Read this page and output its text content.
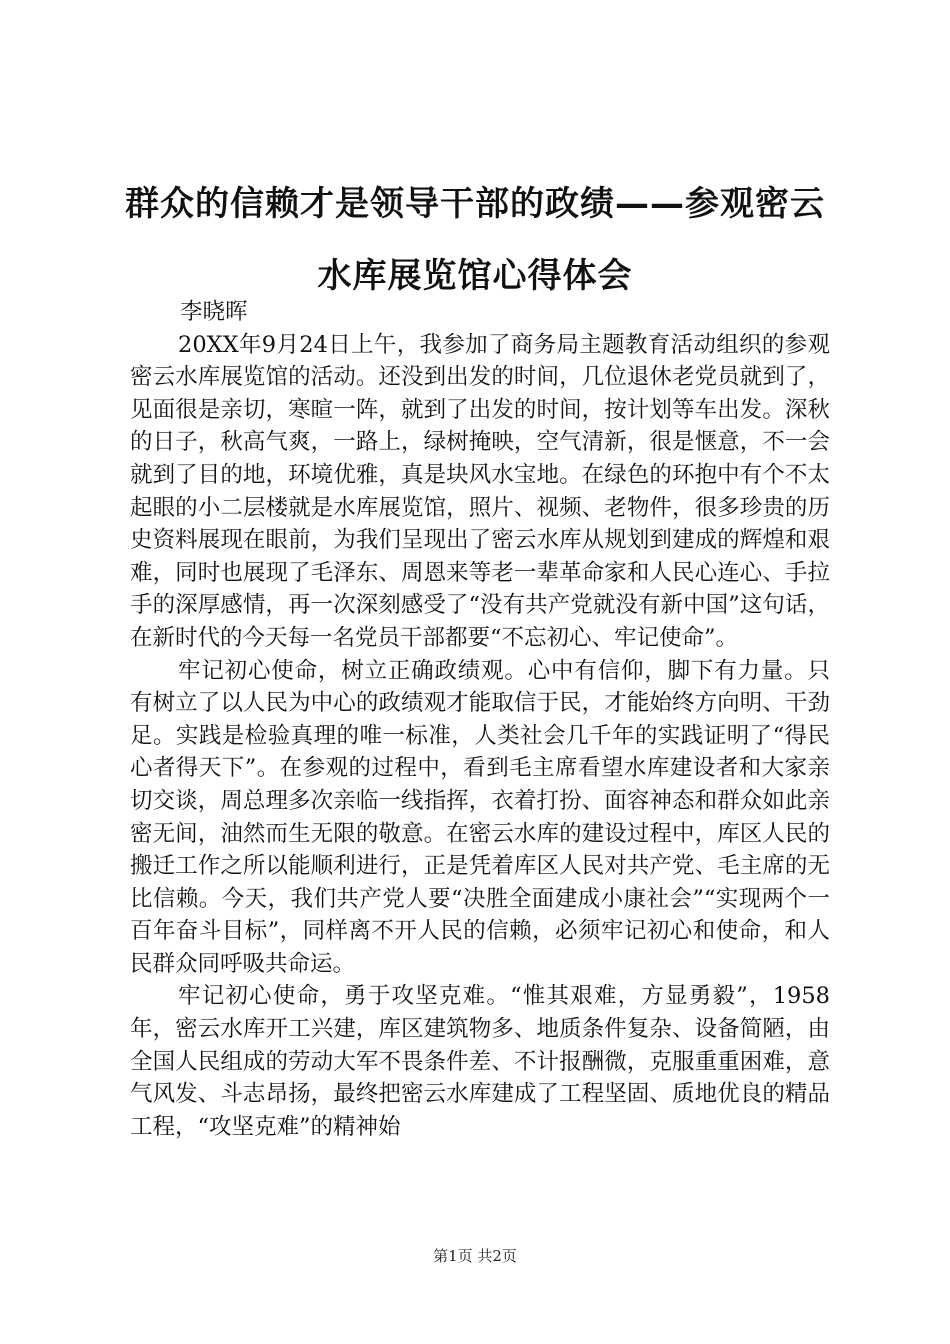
群众的信赖才是领导干部的政绩——参观密云水库展览馆心得体会

李晓晖

20XX年9月24日上午，我参加了商务局主题教育活动组织的参观密云水库展览馆的活动。还没到出发的时间，几位退休老党员就到了，见面很是亲切，寒暄一阵，就到了出发的时间，按计划等车出发。深秋的日子，秋高气爽，一路上，绿树掩映，空气清新，很是惬意，不一会就到了目的地，环境优雅，真是块风水宝地。在绿色的环抱中有个不太起眼的小二层楼就是水库展览馆，照片、视频、老物件，很多珍贵的历史资料展现在眼前，为我们呈现出了密云水库从规划到建成的辉煌和艰难，同时也展现了毛泽东、周恩来等老一辈革命家和人民心连心、手拉手的深厚感情，再一次深刻感受了“没有共产党就没有新中国”这句话，在新时代的今天每一名党员干部都要“不忘初心、牢记使命”。

牢记初心使命，树立正确政绩观。心中有信仰，脚下有力量。只有树立了以人民为中心的政绩观才能取信于民，才能始终方向明、干劲足。实践是检验真理的唯一标准，人类社会几千年的实践证明了“得民心者得天下”。在参观的过程中，看到毛主席看望水库建设者和大家亲切交谈，周总理多次亲临一线指挥，衣着打扮、面容神态和群众如此亲密无间，油然而生无限的敬意。在密云水库的建设过程中，库区人民的搬迁工作之所以能顺利进行，正是凭着库区人民对共产党、毛主席的无比信赖。今天，我们共产党人要“决胜全面建成小康社会”“实现两个一百年奋斗目标”，同样离不开人民的信赖，必须牢记初心和使命，和人民群众同呼吸共命运。

牢记初心使命，勇于攻坚克难。“惟其艰难，方显勇毅”，1958年，密云水库开工兴建，库区建筑物多、地质条件复杂、设备简陋，由全国人民组成的劳动大军不畏条件差、不计报酬微，克服重重困难，意气风发、斗志昂扬，最终把密云水库建成了工程坚固、质地优良的精品工程，“攻坚克难”的精神始

第1页 共2页
